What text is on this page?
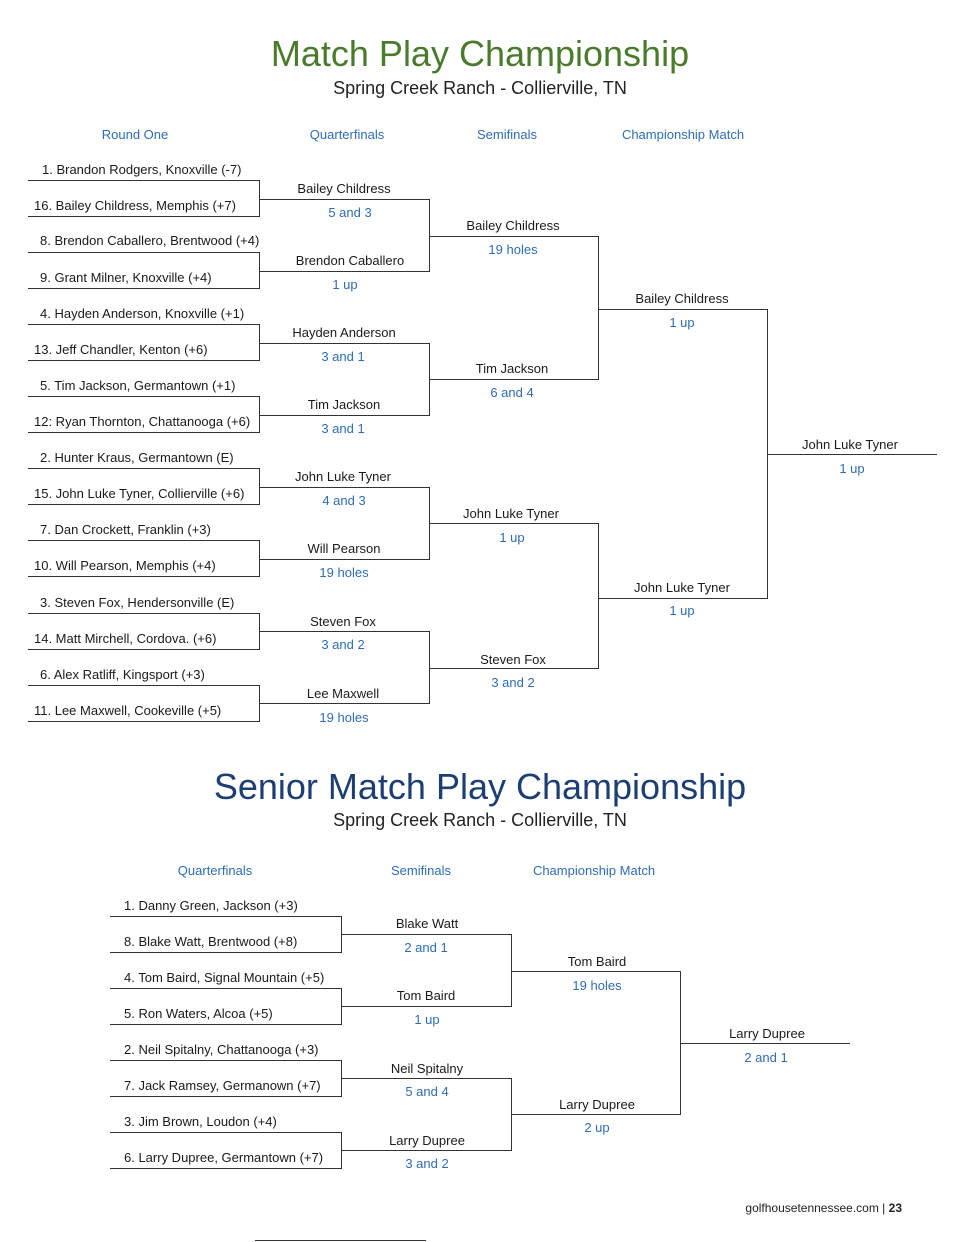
Match Play Championship
Spring Creek Ranch - Collierville, TN
Round One	Quarterfinals	Semifinals	Championship Match
1. Brandon Rodgers, Knoxville (-7)
16. Bailey Childress, Memphis (+7)
8. Brendon Caballero, Brentwood (+4)
9. Grant Milner, Knoxville (+4)
4. Hayden Anderson, Knoxville (+1)
13. Jeff Chandler, Kenton (+6)
5. Tim Jackson, Germantown (+1)
12: Ryan Thornton, Chattanooga (+6)
2. Hunter Kraus, Germantown (E)
15. John Luke Tyner, Collierville (+6)
7. Dan Crockett, Franklin (+3)
10. Will Pearson, Memphis (+4)
3. Steven Fox, Hendersonville (E)
14. Matt Mirchell, Cordova. (+6)
6. Alex Ratliff, Kingsport (+3)
11. Lee Maxwell, Cookeville (+5)
Bailey Childress
5 and 3
Brendon Caballero
1 up
Hayden Anderson
3 and 1
Tim Jackson
3 and 1
John Luke Tyner
4 and 3
Will Pearson
19 holes
Steven Fox
3 and 2
Lee Maxwell
19 holes
Bailey Childress
19 holes
Tim Jackson
6 and 4
John Luke Tyner
1 up
Steven Fox
3 and 2
Bailey Childress
1 up
John Luke Tyner
1 up
John Luke Tyner
1 up
Senior Match Play Championship
Spring Creek Ranch - Collierville, TN
Quarterfinals	Semifinals	Championship Match
1. Danny Green, Jackson (+3)
8. Blake Watt, Brentwood (+8)
4. Tom Baird, Signal Mountain (+5)
5. Ron Waters, Alcoa (+5)
2. Neil Spitalny, Chattanooga (+3)
7. Jack Ramsey, Germanown (+7)
3. Jim Brown, Loudon (+4)
6. Larry Dupree, Germantown (+7)
Blake Watt
2 and 1
Tom Baird
1 up
Neil Spitalny
5 and 4
Larry Dupree
3 and 2
Tom Baird
19 holes
Larry Dupree
2 up
Larry Dupree
2 and 1
golfhousetennessee.com | 23
